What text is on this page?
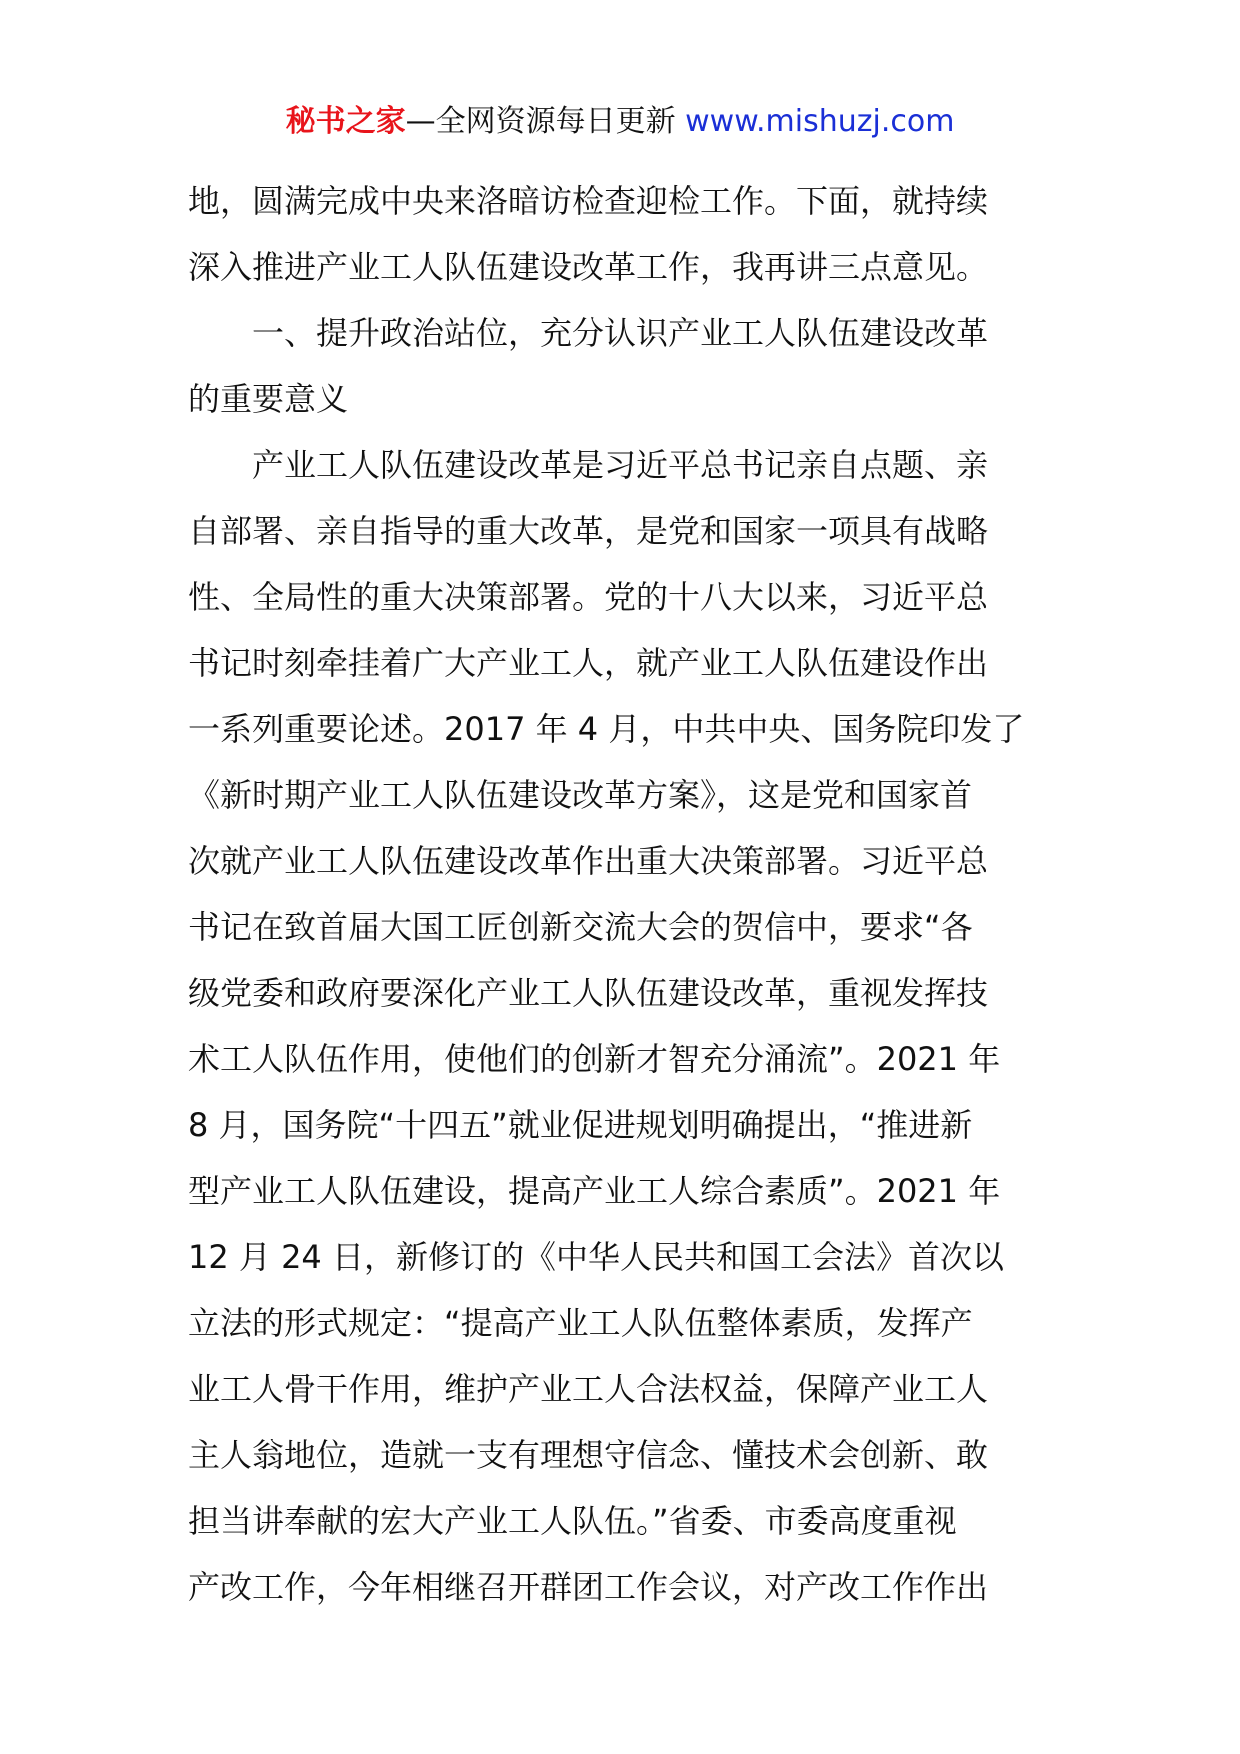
秘书之家—全网资源每日更新 www.mishuzj.com
地，圆满完成中央来洛暗访检查迎检工作。下面，就持续
深入推进产业工人队伍建设改革工作，我再讲三点意见。
一、提升政治站位，充分认识产业工人队伍建设改革
的重要意义
产业工人队伍建设改革是习近平总书记亲自点题、亲
自部署、亲自指导的重大改革，是党和国家一项具有战略
性、全局性的重大决策部署。党的十八大以来，习近平总
书记时刻牵挂着广大产业工人，就产业工人队伍建设作出
一系列重要论述。2017 年 4 月，中共中央、国务院印发了
《新时期产业工人队伍建设改革方案》，这是党和国家首
次就产业工人队伍建设改革作出重大决策部署。习近平总
书记在致首届大国工匠创新交流大会的贺信中，要求“各
级党委和政府要深化产业工人队伍建设改革，重视发挥技
术工人队伍作用，使他们的创新才智充分涌流”。2021 年
8 月，国务院“十四五”就业促进规划明确提出，“推进新
型产业工人队伍建设，提高产业工人综合素质”。2021 年
12 月 24 日，新修订的《中华人民共和国工会法》首次以
立法的形式规定：“提高产业工人队伍整体素质，发挥产
业工人骨干作用，维护产业工人合法权益，保障产业工人
主人翁地位，造就一支有理想守信念、懂技术会创新、敢
担当讲奉献的宏大产业工人队伍。”省委、市委高度重视
产改工作，今年相继召开群团工作会议，对产改工作作出
